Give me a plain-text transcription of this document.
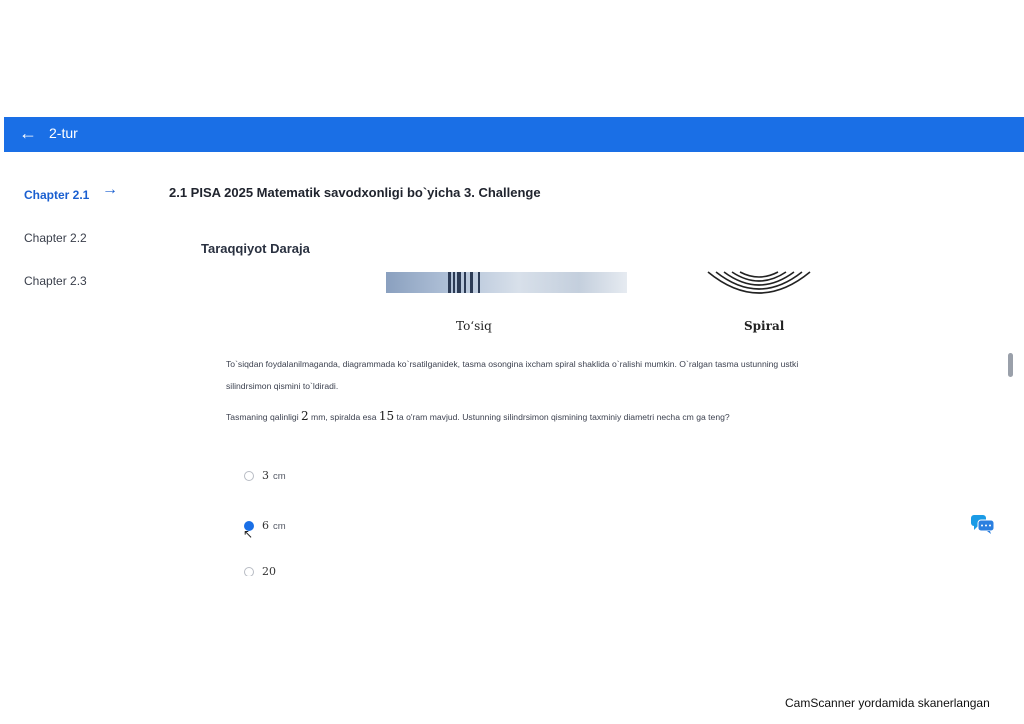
← 2-tur
Chapter 2.1 →
Chapter 2.2
Chapter 2.3
2.1 PISA 2025 Matematik savodxonligi bo`yicha 3. Challenge
Taraqqiyot Daraja
To‘siq	Spiral
To`siqdan foydalanilmaganda, diagrammada ko`rsatilganidek, tasma osongina ixcham spiral shaklida o`ralishi mumkin. O`ralgan tasma ustunning ustki
silindrsimon qismini to`ldiradi.
Tasmaning qalinligi 2 mm, spiralda esa 15 ta o'ram mavjud. Ustunning silindrsimon qismining taxminiy diametri necha cm ga teng?
3 cm
6 cm
20
↖
CamScanner yordamida skanerlangan
